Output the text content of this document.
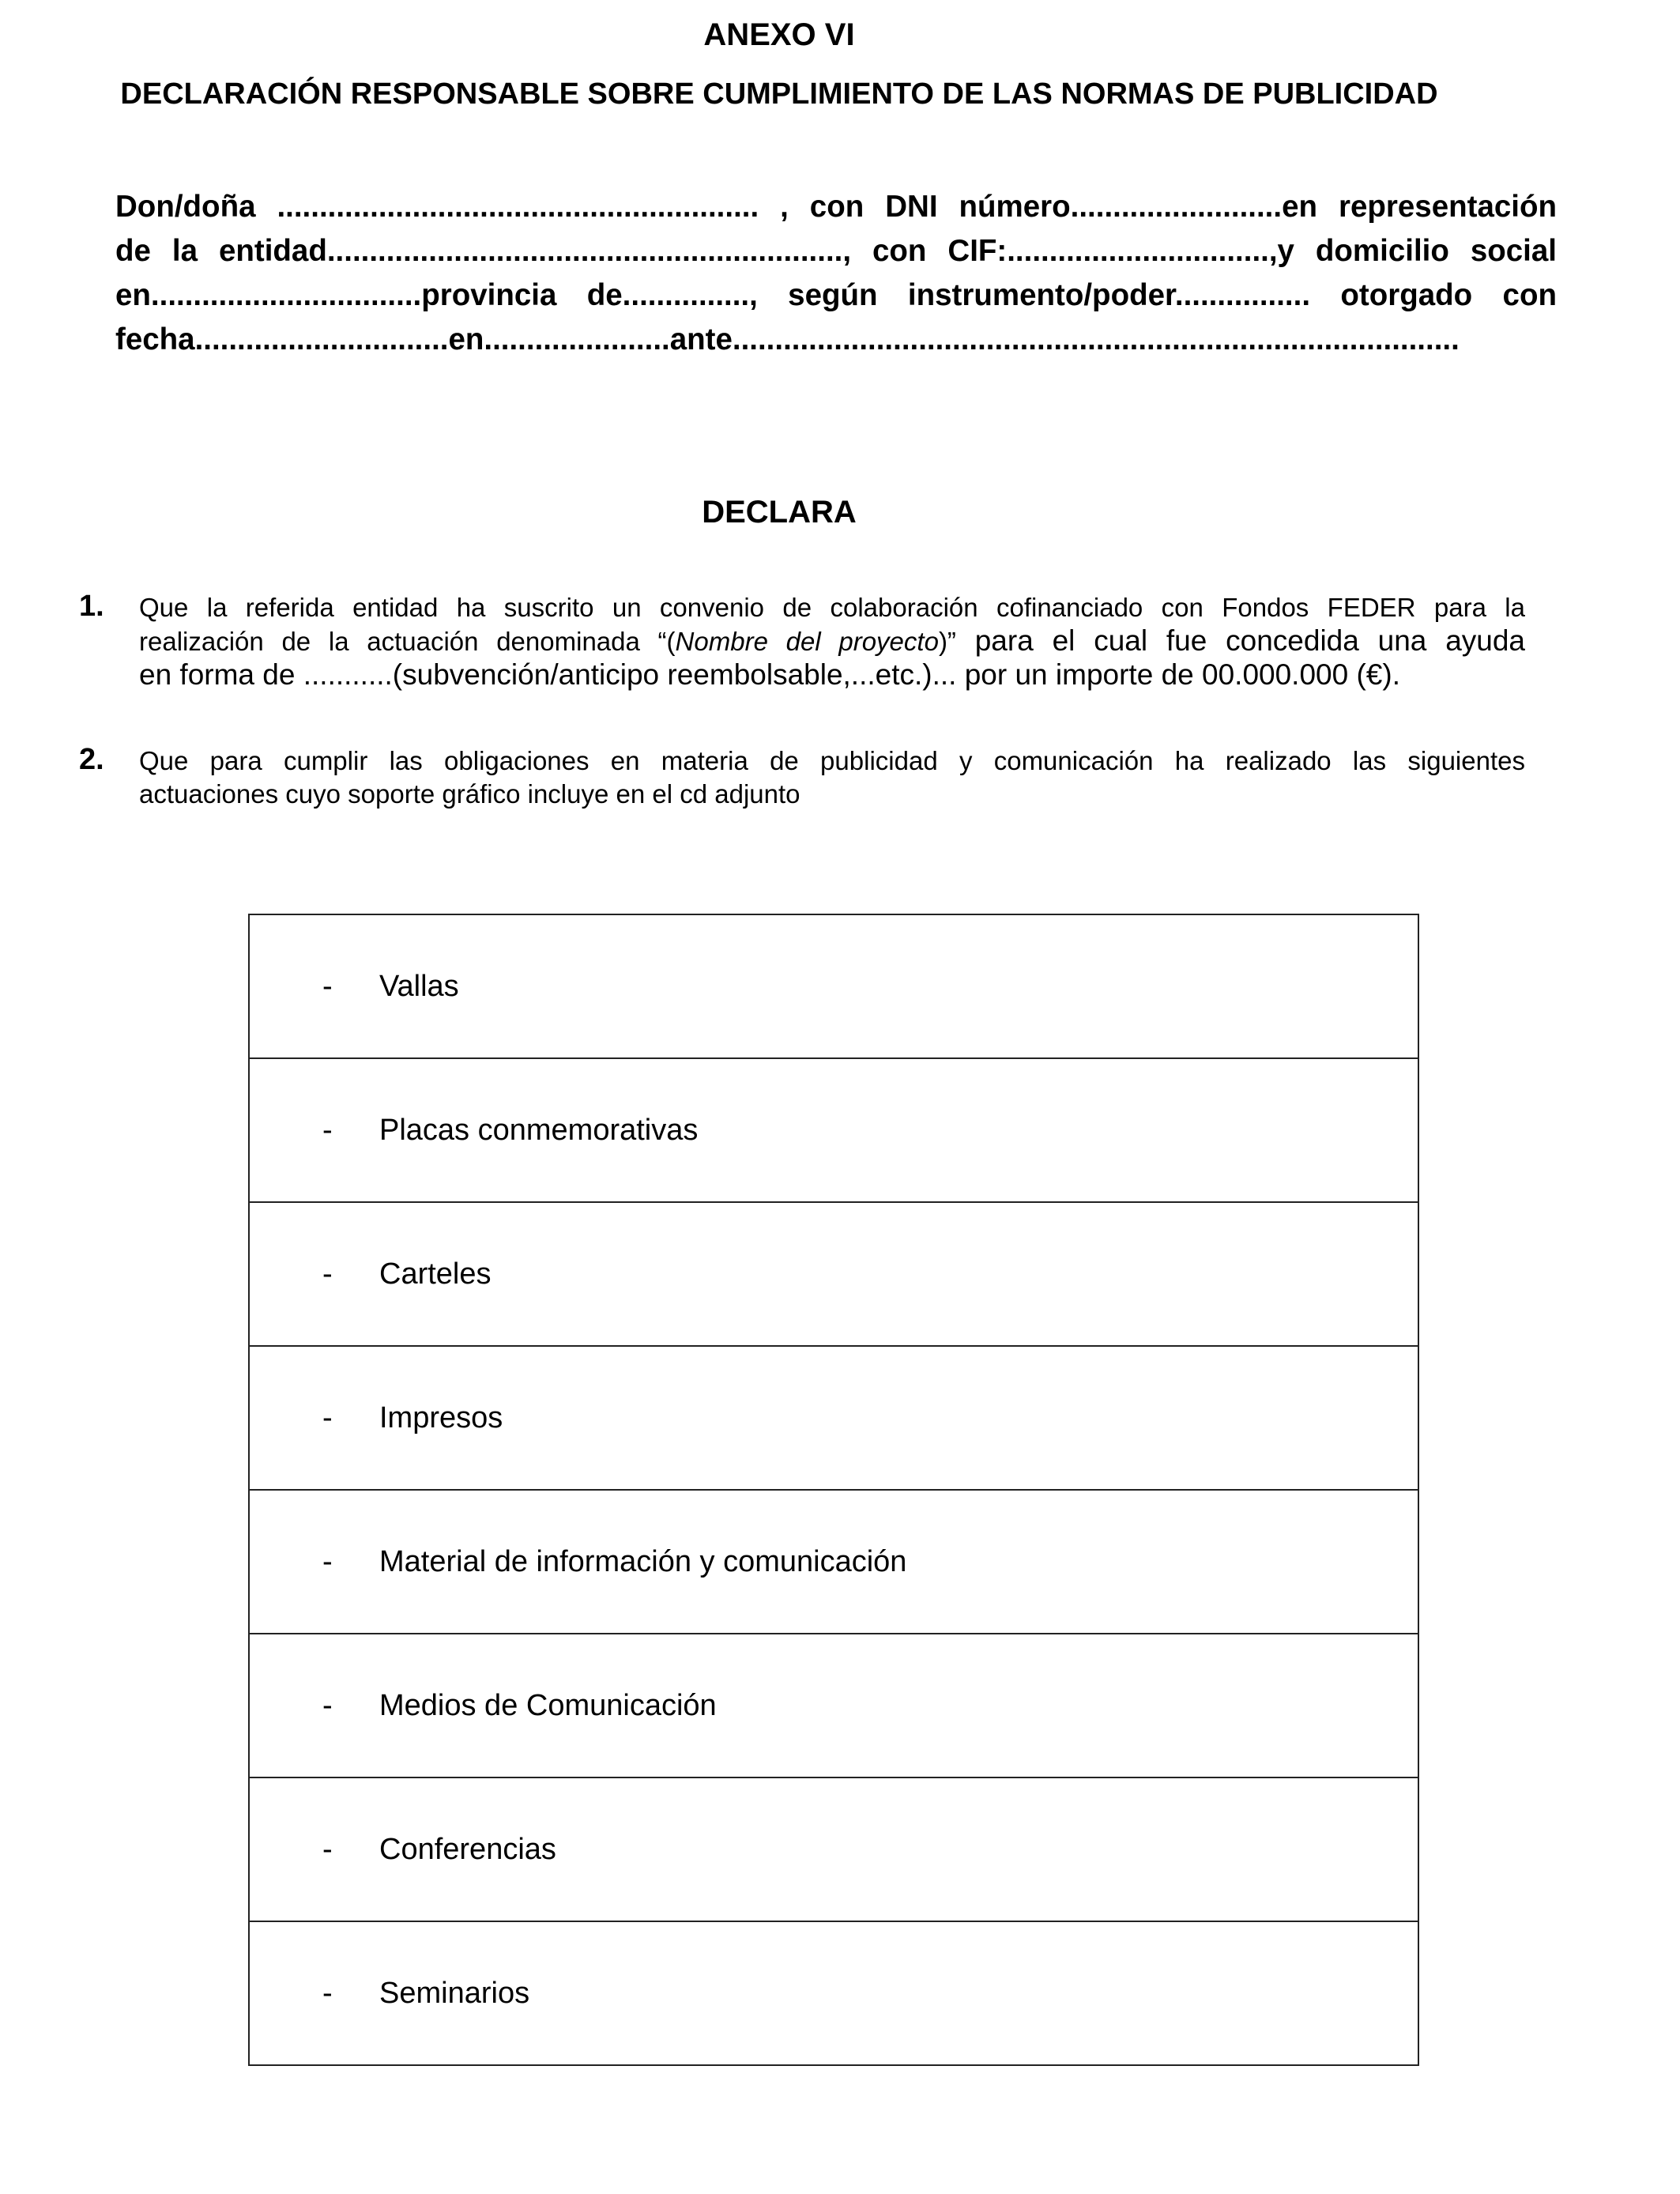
ANEXO VI
DECLARACIÓN RESPONSABLE SOBRE CUMPLIMIENTO DE LAS NORMAS DE PUBLICIDAD
Don/doña ......................................................... , con DNI número.........................en representación
de la entidad............................................................., con CIF:...............................,y domicilio social
en................................provincia de..............., según instrumento/poder................ otorgado con
fecha..............................en......................ante......................................................................................
DECLARA
1. Que la referida entidad ha suscrito un convenio de colaboración cofinanciado con Fondos FEDER para la
realización de la actuación denominada “(Nombre del proyecto)” para el cual fue concedida una ayuda
en forma de ...........(subvención/anticipo reembolsable,...etc.)... por un importe de 00.000.000 (€).
2. Que para cumplir las obligaciones en materia de publicidad y comunicación ha realizado las siguientes
actuaciones cuyo soporte gráfico incluye en el cd adjunto
- Vallas
- Placas conmemorativas
- Carteles
- Impresos
- Material de información y comunicación
- Medios de Comunicación
- Conferencias
- Seminarios
